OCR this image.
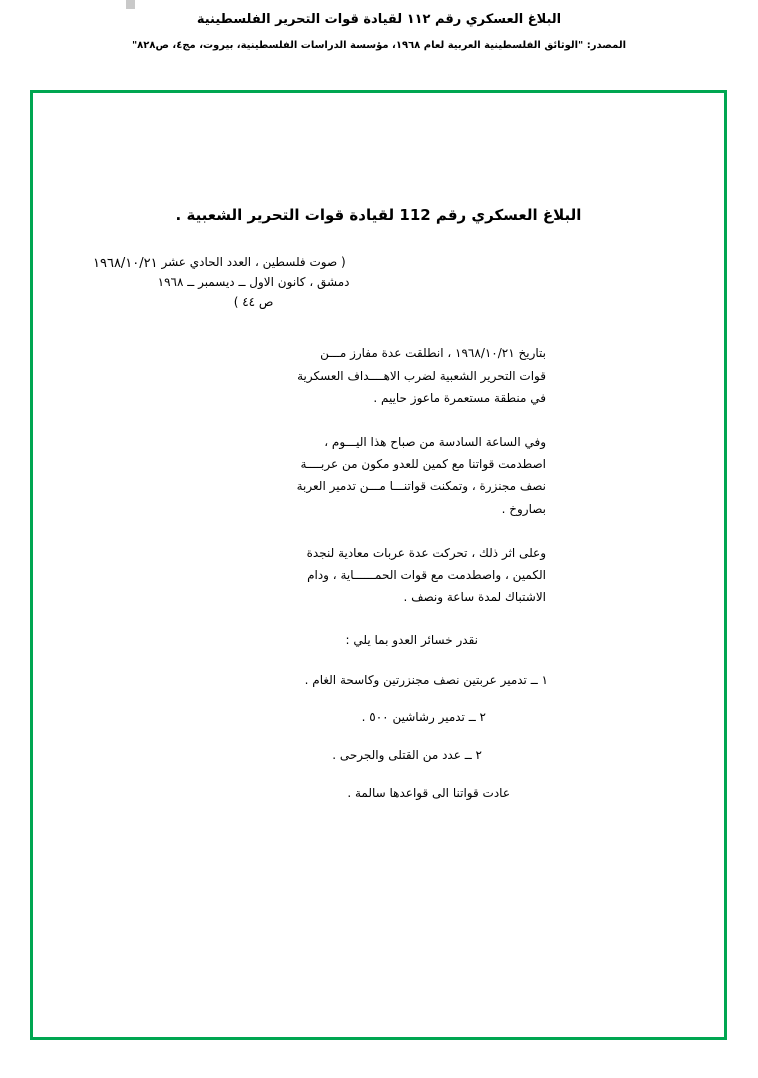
البلاغ العسكري رقم ١١٢ لقيادة قوات التحرير الفلسطينية
المصدر: "الوثائق الفلسطينية العربية لعام ١٩٦٨، مؤسسة الدراسات الفلسطينية، بيروت، مج٤، ص٨٢٨"
البلاغ العسكري رقم 112 لقيادة قوات التحرير الشعبية .
١٩٦٨/١٠/٢١ ( صوت فلسطين ، العدد الحادي عشر
دمشق ، كانون الاول ــ ديسمبر ــ ١٩٦٨
ص ٤٤ )
بتاريخ ١٩٦٨/١٠/٢١ ، انطلقت عدة مفارز مـــن
قوات التحرير الشعبية لضرب الاهــــداف العسكرية
في منطقة مستعمرة ماعوز حاييم .
وفي الساعة السادسة من صباح هذا اليـــوم ،
اصطدمت قواتنا مع كمين للعدو مكون من عربــــة
نصف مجنزرة ، وتمكنت قواتنـــا مـــن تدمير العربة
بصاروخ .
وعلى اثر ذلك ، تحركت عدة عربات معادية لنجدة
الكمين ، واصطدمت مع قوات الحمــــــاية ، ودام
الاشتباك لمدة ساعة ونصف .
نقدر خسائر العدو بما يلي :
١ ــ تدمير عربتين نصف مجنزرتين وكاسحة الغام .
٢ ــ تدمير رشاشين ٥٠٠ .
٢ ــ عدد من القتلى والجرحى .
عادت قواتنا الى قواعدها سالمة .
